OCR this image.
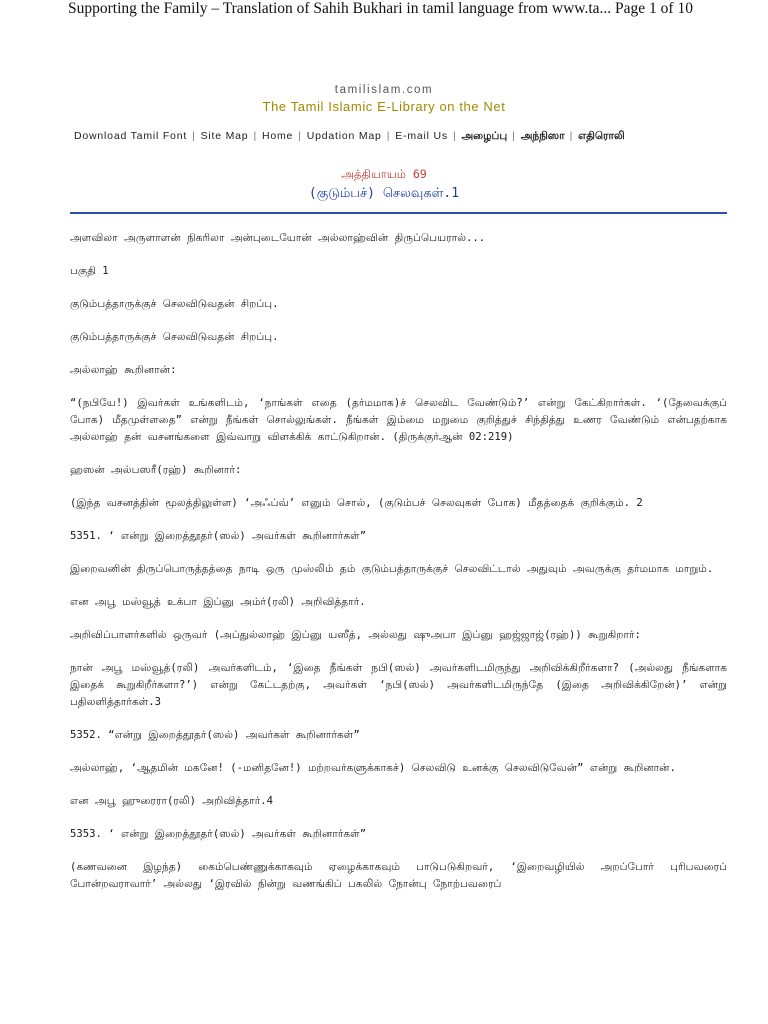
Supporting the Family – Translation of Sahih Bukhari in tamil language from www.ta... Page 1 of 10
tamilislam.com
The Tamil Islamic E-Library on the Net
Download Tamil Font | Site Map | Home | Updation Map | E-mail Us | அழைப்பு | அந்நிஸா | எதிரொலி
அத்தியாயம் 69
(குடும்பச்) செலவுகள்.1

அளவிலா அருளாளன் நிகரிலா அன்புடையோன் அல்லாஹ்வின் திருப்பெயரால்...

பகுதி 1

குடும்பத்தாருக்குச் செலவிடுவதன் சிறப்பு.

குடும்பத்தாருக்குச் செலவிடுவதன் சிறப்பு.

அல்லாஹ் கூறினான்:

“(நபியே!) இவர்கள் உங்களிடம், ‘நாங்கள் எதை (தர்மமாக)ச் செலவிட வேண்டும்?’ என்று கேட்கிறார்கள். ‘(தேவைக்குப் போக) மீதமுள்ளதை” என்று நீங்கள் சொல்லுங்கள். நீங்கள் இம்மை மறுமை குறித்துச் சிந்தித்து உணர வேண்டும் என்பதற்காக அல்லாஹ் தன் வசனங்களை இவ்வாறு விளக்கிக் காட்டுகிறான். (திருக்குர்ஆன் 02:219)

ஹஸன் அல்பஸரீ(ரஹ்) கூறினார்:

(இந்த வசனத்தின் மூலத்திலுள்ள) ‘அஃப்வ்’ எனும் சொல், (குடும்பச் செலவுகள் போக) மீதத்தைக் குறிக்கும். 2

5351. ‘ என்று இறைத்தூதர்(ஸல்) அவர்கள் கூறினார்கள்”

இறைவனின் திருப்பொருத்தத்தை நாடி ஒரு முஸ்லிம் தம் குடும்பத்தாருக்குச் செலவிட்டால் அதுவும் அவருக்கு தர்மமாக மாறும்.

என அபூ மஸ்வூத் உக்பா இப்னு அம்ர்(ரலி) அறிவித்தார்.

அறிவிப்பாளர்களில் ஒருவர் (அப்துல்லாஹ் இப்னு யஸீத், அல்லது ஷுஅபா இப்னு ஹஜ்ஜாஜ்(ரஹ்)) கூறுகிறார்:

நான் அபூ மஸ்வூத்(ரலி) அவர்களிடம், ‘இதை நீங்கள் நபி(ஸல்) அவர்களிடமிருந்து அறிவிக்கிறீர்களா? (அல்லது நீங்களாக இதைக் கூறுகிறீர்களா?’) என்று கேட்டதற்கு, அவர்கள் ‘நபி(ஸல்) அவர்களிடமிருந்தே (இதை அறிவிக்கிறேன்)’ என்று பதிலளித்தார்கள்.3

5352. “என்று இறைத்தூதர்(ஸல்) அவர்கள் கூறினார்கள்”

அல்லாஹ், ‘ஆதமின் மகனே! (-மனிதனே!) மற்றவர்களுக்காகச்) செலவிடு உனக்கு செலவிடுவேன்” என்று கூறினான்.

என அபூ ஹுரைரா(ரலி) அறிவித்தார்.4

5353. ‘ என்று இறைத்தூதர்(ஸல்) அவர்கள் கூறினார்கள்”

(கணவனை இழந்த) கைம்பெண்ணுக்காகவும் ஏழைக்காகவும் பாடுபடுகிறவர், ‘இறைவழியில் அறப்போர் புரிபவரைப் போன்றவராவார்’ அல்லது ‘இரவில் நின்று வணங்கிப் பகலில் நோன்பு நோற்பவரைப்
